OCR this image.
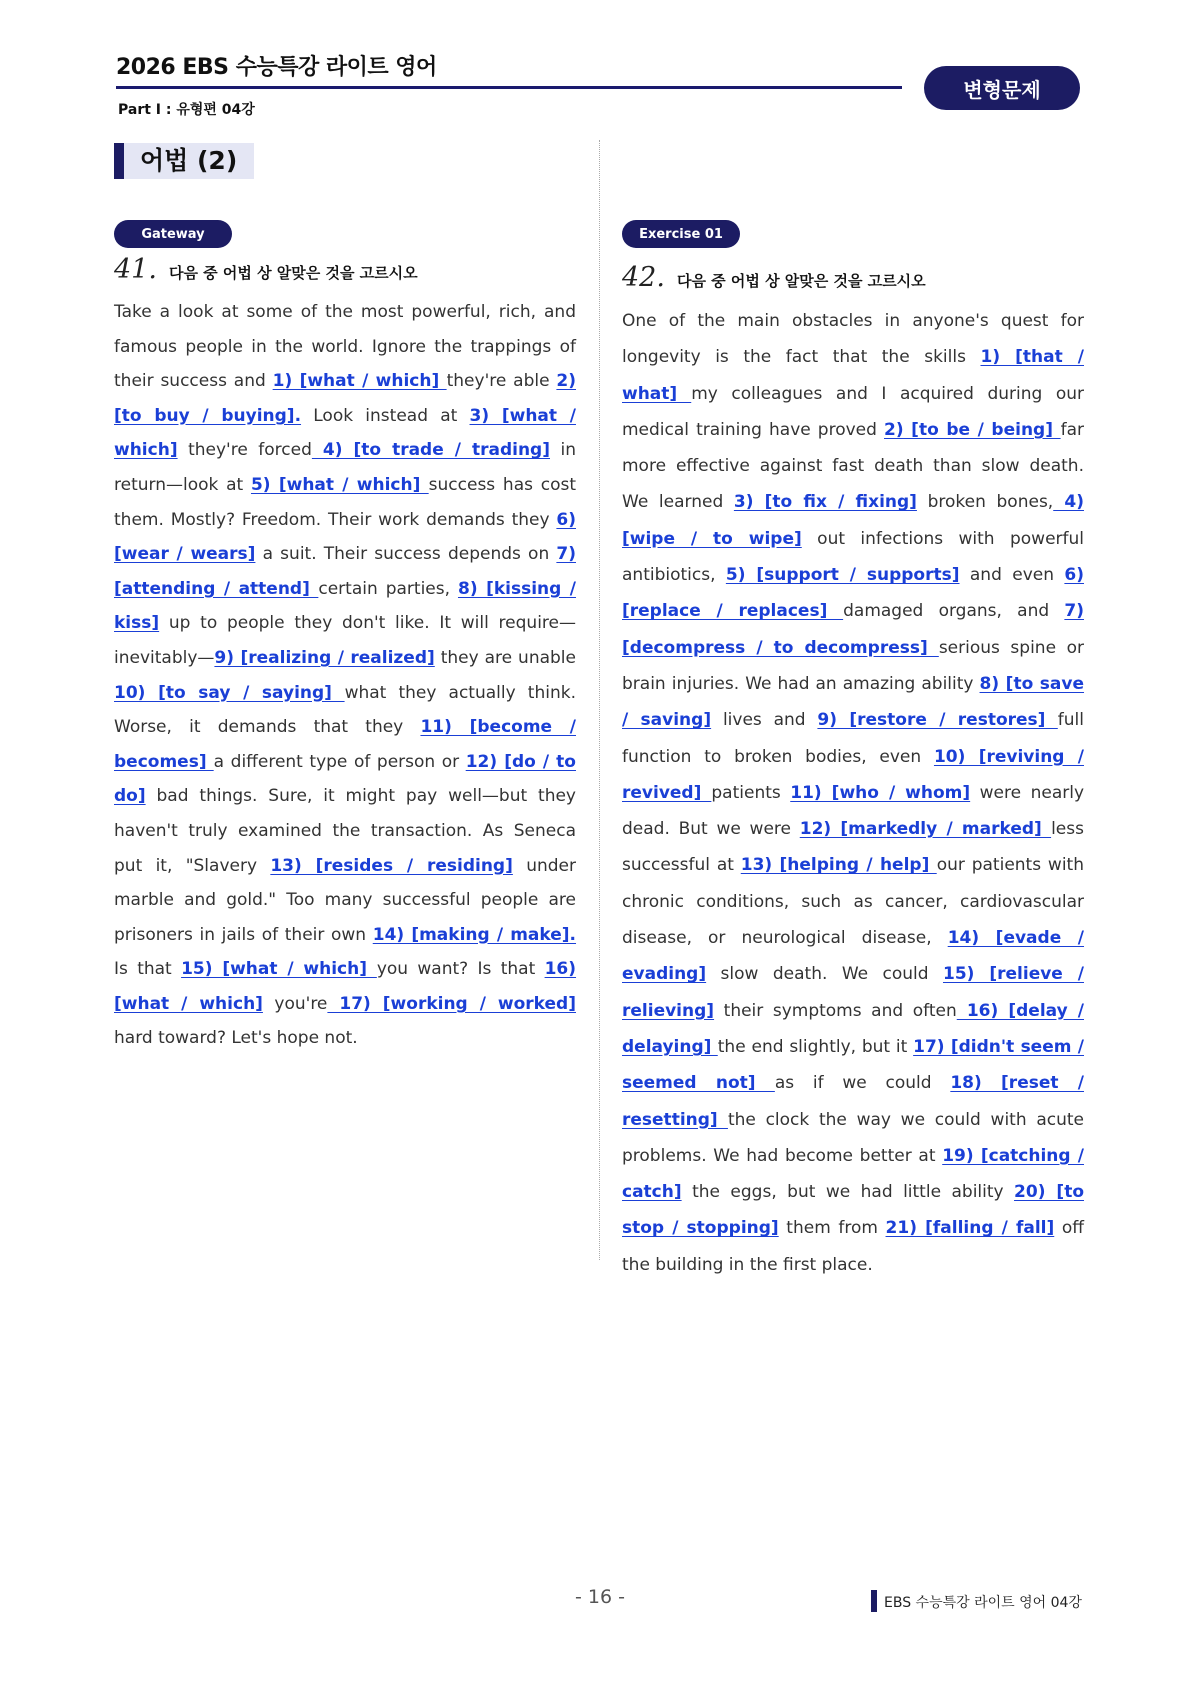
2026 EBS 수능특강 라이트 영어
Part Ⅰ : 유형편 04강
변형문제
어법 (2)
Gateway
41. 다음 중 어법 상 알맞은 것을 고르시오
Take a look at some of the most powerful, rich, and famous people in the world. Ignore the trappings of their success and 1) [what / which] they're able 2) [to buy / buying]. Look instead at 3) [what / which] they're forced 4) [to trade / trading] in return—look at 5) [what / which] success has cost them. Mostly? Freedom. Their work demands they 6) [wear / wears] a suit. Their success depends on 7) [attending / attend] certain parties, 8) [kissing / kiss] up to people they don't like. It will require—inevitably—9) [realizing / realized] they are unable 10) [to say / saying] what they actually think. Worse, it demands that they 11) [become / becomes] a different type of person or 12) [do / to do] bad things. Sure, it might pay well—but they haven't truly examined the transaction. As Seneca put it, "Slavery 13) [resides / residing] under marble and gold." Too many successful people are prisoners in jails of their own 14) [making / make]. Is that 15) [what / which] you want? Is that 16) [what / which] you're 17) [working / worked] hard toward? Let's hope not.
Exercise 01
42. 다음 중 어법 상 알맞은 것을 고르시오
One of the main obstacles in anyone's quest for longevity is the fact that the skills 1) [that / what] my colleagues and I acquired during our medical training have proved 2) [to be / being] far more effective against fast death than slow death. We learned 3) [to fix / fixing] broken bones, 4) [wipe / to wipe] out infections with powerful antibiotics, 5) [support / supports] and even 6) [replace / replaces] damaged organs, and 7) [decompress / to decompress] serious spine or brain injuries. We had an amazing ability 8) [to save / saving] lives and 9) [restore / restores] full function to broken bodies, even 10) [reviving / revived] patients 11) [who / whom] were nearly dead. But we were 12) [markedly / marked] less successful at 13) [helping / help] our patients with chronic conditions, such as cancer, cardiovascular disease, or neurological disease, 14) [evade / evading] slow death. We could 15) [relieve / relieving] their symptoms and often 16) [delay / delaying] the end slightly, but it 17) [didn't seem / seemed not] as if we could 18) [reset / resetting] the clock the way we could with acute problems. We had become better at 19) [catching / catch] the eggs, but we had little ability 20) [to stop / stopping] them from 21) [falling / fall] off the building in the first place.
- 16 -	EBS 수능특강 라이트 영어 04강
